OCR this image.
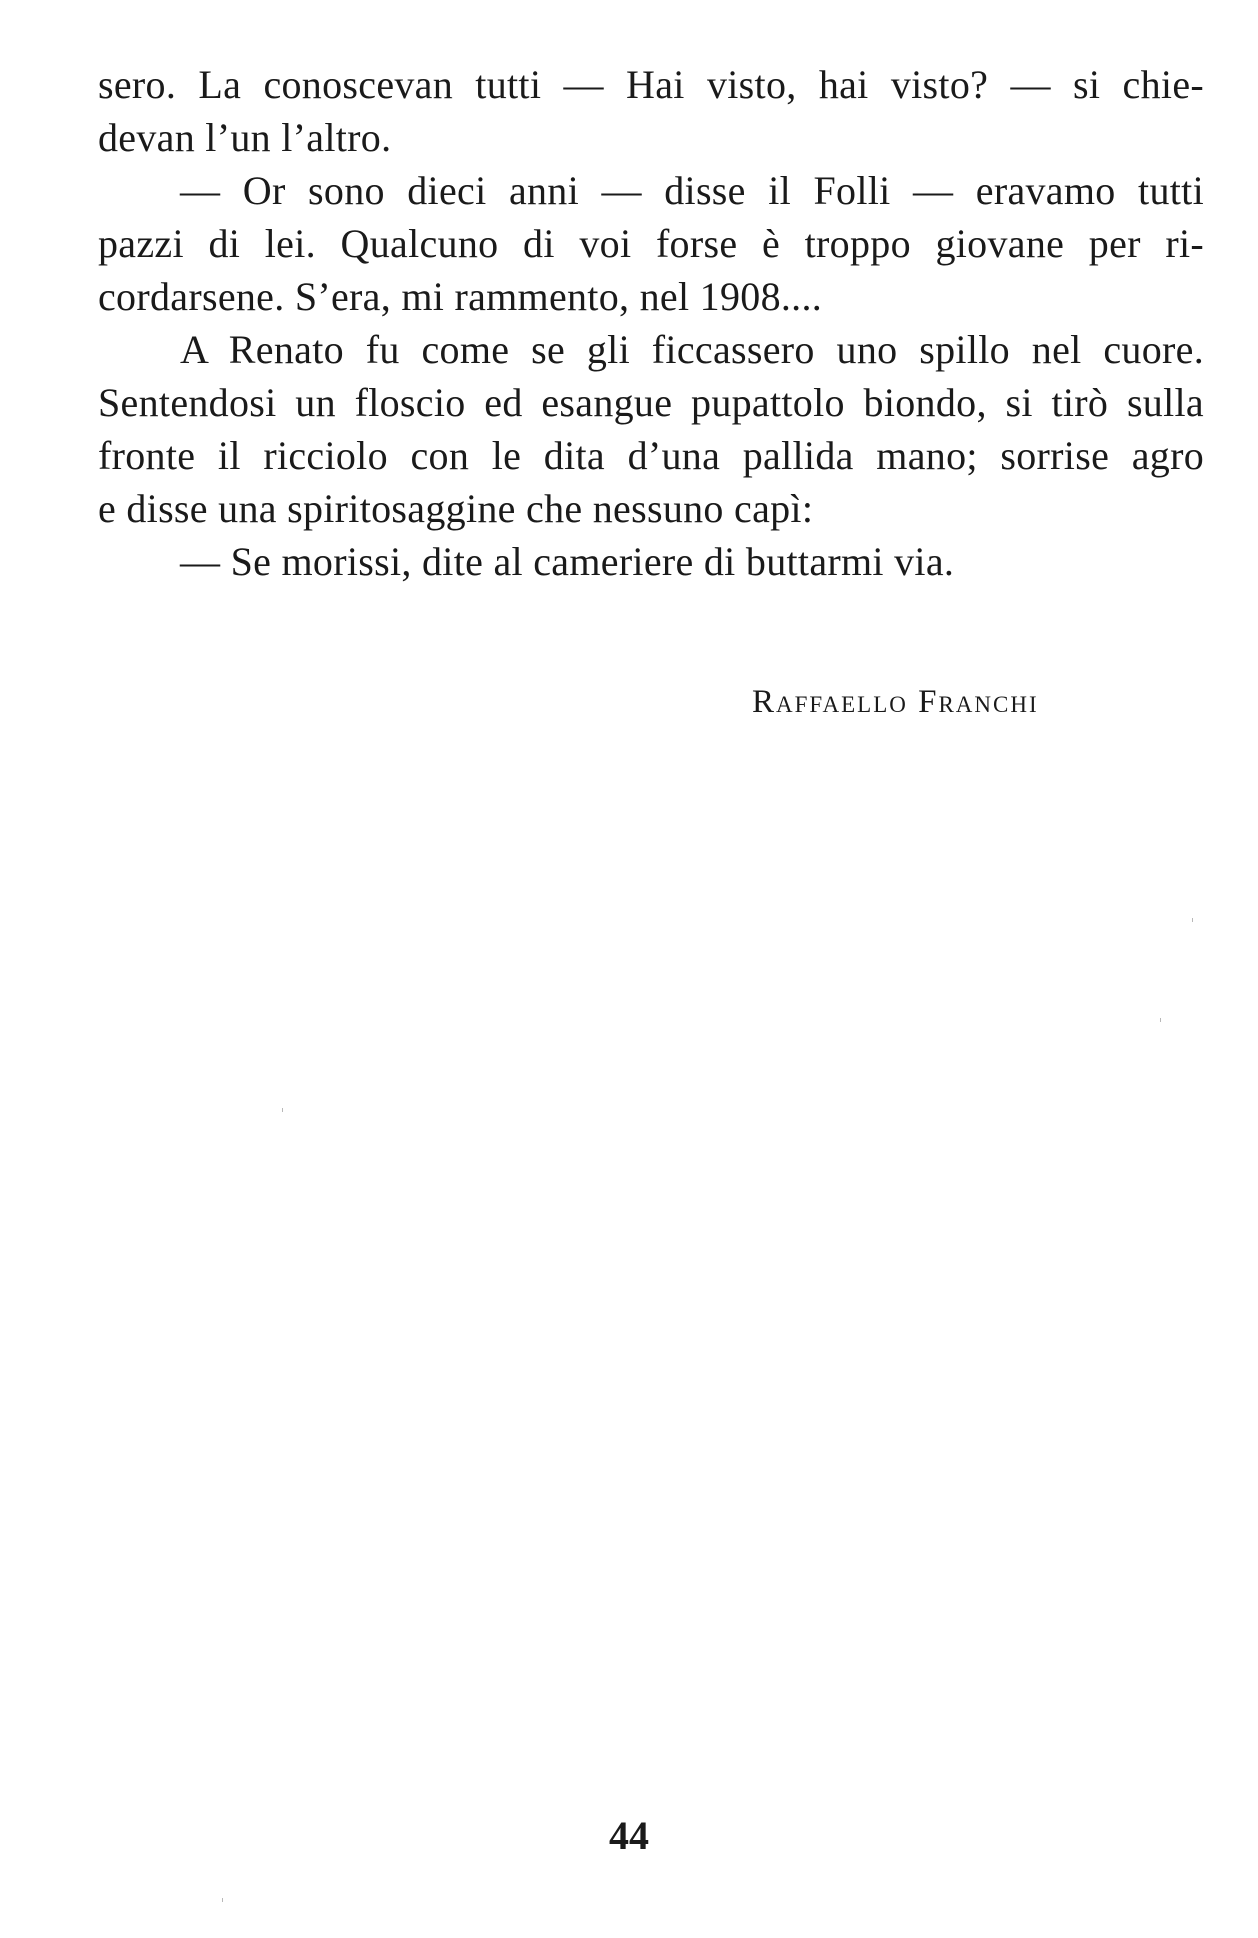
sero. La conoscevan tutti — Hai visto, hai visto? — si chie-
devan l’un l’altro.
— Or sono dieci anni — disse il Folli — eravamo tutti
pazzi di lei. Qualcuno di voi forse è troppo giovane per ri-
cordarsene. S’era, mi rammento, nel 1908....
A Renato fu come se gli ficcassero uno spillo nel cuore.
Sentendosi un floscio ed esangue pupattolo biondo, si tirò sulla
fronte il ricciolo con le dita d’una pallida mano; sorrise agro
e disse una spiritosaggine che nessuno capì:
— Se morissi, dite al cameriere di buttarmi via.
Raffaello Franchi
44
